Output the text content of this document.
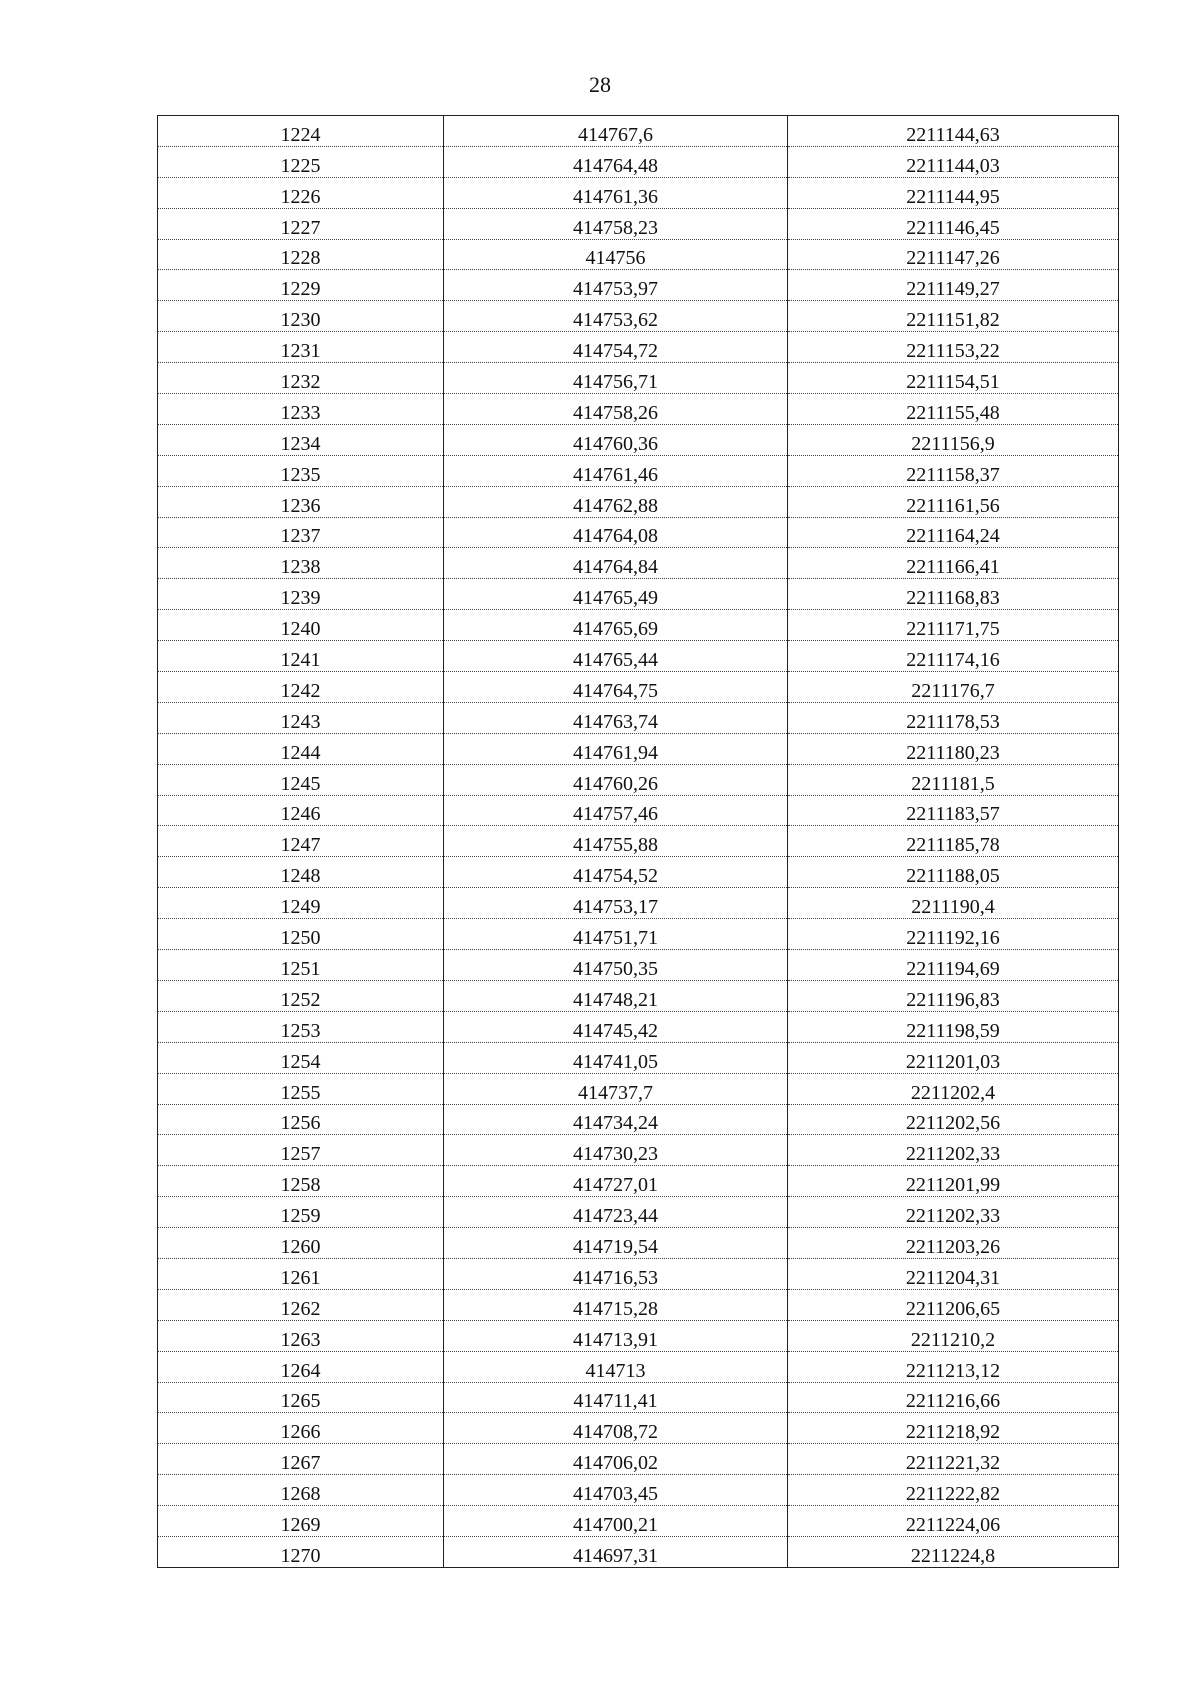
28
1224	414767,6	2211144,63
1225	414764,48	2211144,03
1226	414761,36	2211144,95
1227	414758,23	2211146,45
1228	414756	2211147,26
1229	414753,97	2211149,27
1230	414753,62	2211151,82
1231	414754,72	2211153,22
1232	414756,71	2211154,51
1233	414758,26	2211155,48
1234	414760,36	2211156,9
1235	414761,46	2211158,37
1236	414762,88	2211161,56
1237	414764,08	2211164,24
1238	414764,84	2211166,41
1239	414765,49	2211168,83
1240	414765,69	2211171,75
1241	414765,44	2211174,16
1242	414764,75	2211176,7
1243	414763,74	2211178,53
1244	414761,94	2211180,23
1245	414760,26	2211181,5
1246	414757,46	2211183,57
1247	414755,88	2211185,78
1248	414754,52	2211188,05
1249	414753,17	2211190,4
1250	414751,71	2211192,16
1251	414750,35	2211194,69
1252	414748,21	2211196,83
1253	414745,42	2211198,59
1254	414741,05	2211201,03
1255	414737,7	2211202,4
1256	414734,24	2211202,56
1257	414730,23	2211202,33
1258	414727,01	2211201,99
1259	414723,44	2211202,33
1260	414719,54	2211203,26
1261	414716,53	2211204,31
1262	414715,28	2211206,65
1263	414713,91	2211210,2
1264	414713	2211213,12
1265	414711,41	2211216,66
1266	414708,72	2211218,92
1267	414706,02	2211221,32
1268	414703,45	2211222,82
1269	414700,21	2211224,06
1270	414697,31	2211224,8
